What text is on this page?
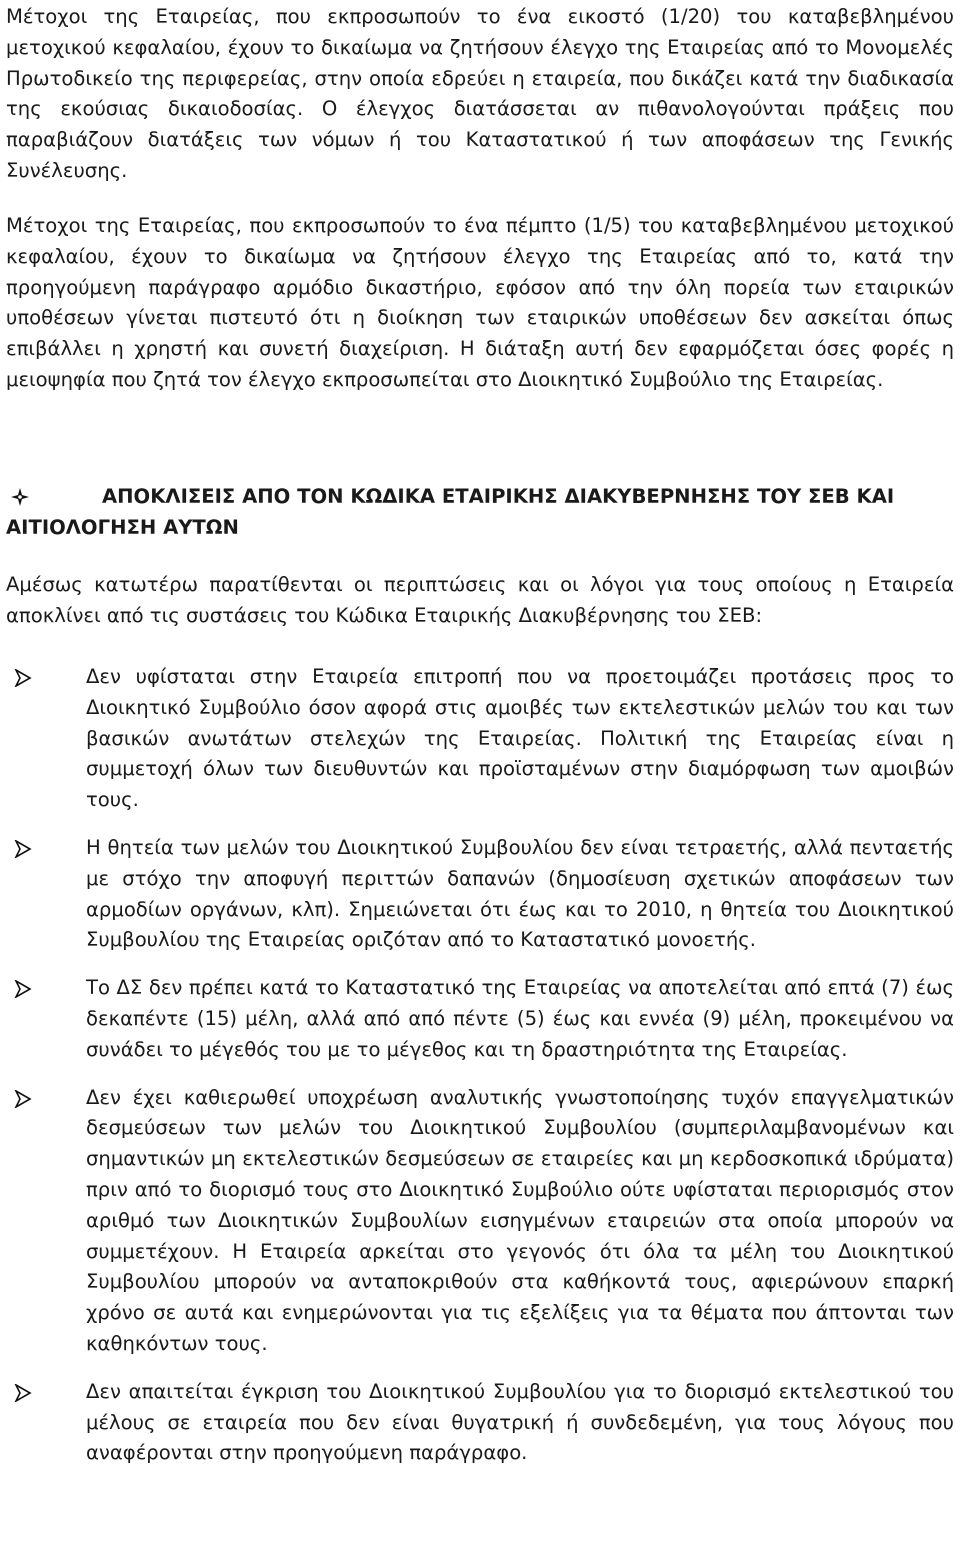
Μέτοχοι της Εταιρείας, που εκπροσωπούν το ένα εικοστό (1/20) του καταβεβλημένου μετοχικού κεφαλαίου, έχουν το δικαίωμα να ζητήσουν έλεγχο της Εταιρείας από το Μονομελές Πρωτοδικείο της περιφερείας, στην οποία εδρεύει η εταιρεία, που δικάζει κατά την διαδικασία της εκούσιας δικαιοδοσίας. Ο έλεγχος διατάσσεται αν πιθανολογούνται πράξεις που παραβιάζουν διατάξεις των νόμων ή του Καταστατικού ή των αποφάσεων της Γενικής Συνέλευσης.

Μέτοχοι της Εταιρείας, που εκπροσωπούν το ένα πέμπτο (1/5) του καταβεβλημένου μετοχικού κεφαλαίου, έχουν το δικαίωμα να ζητήσουν έλεγχο της Εταιρείας από το, κατά την προηγούμενη παράγραφο αρμόδιο δικαστήριο, εφόσον από την όλη πορεία των εταιρικών υποθέσεων γίνεται πιστευτό ότι η διοίκηση των εταιρικών υποθέσεων δεν ασκείται όπως επιβάλλει η χρηστή και συνετή διαχείριση. Η διάταξη αυτή δεν εφαρμόζεται όσες φορές η μειοψηφία που ζητά τον έλεγχο εκπροσωπείται στο Διοικητικό Συμβούλιο της Εταιρείας.

ΑΠΟΚΛΙΣΕΙΣ ΑΠΟ ΤΟΝ ΚΩΔΙΚΑ ΕΤΑΙΡΙΚΗΣ ΔΙΑΚΥΒΕΡΝΗΣΗΣ ΤΟΥ ΣΕΒ ΚΑΙ ΑΙΤΙΟΛΟΓΗΣΗ ΑΥΤΩΝ

Αμέσως κατωτέρω παρατίθενται οι περιπτώσεις και οι λόγοι για τους οποίους η Εταιρεία αποκλίνει από τις συστάσεις του Κώδικα Εταιρικής Διακυβέρνησης του ΣΕΒ:

Δεν υφίσταται στην Εταιρεία επιτροπή που να προετοιμάζει προτάσεις προς το Διοικητικό Συμβούλιο όσον αφορά στις αμοιβές των εκτελεστικών μελών του και των βασικών ανωτάτων στελεχών της Εταιρείας. Πολιτική της Εταιρείας είναι η συμμετοχή όλων των διευθυντών και προϊσταμένων στην διαμόρφωση των αμοιβών τους.

Η θητεία των μελών του Διοικητικού Συμβουλίου δεν είναι τετραετής, αλλά πενταετής με στόχο την αποφυγή περιττών δαπανών (δημοσίευση σχετικών αποφάσεων των αρμοδίων οργάνων, κλπ). Σημειώνεται ότι έως και το 2010, η θητεία του Διοικητικού Συμβουλίου της Εταιρείας οριζόταν από το Καταστατικό μονοετής.

Το ΔΣ δεν πρέπει κατά το Καταστατικό της Εταιρείας να αποτελείται από επτά (7) έως δεκαπέντε (15) μέλη, αλλά από από πέντε (5) έως και εννέα (9) μέλη, προκειμένου να συνάδει το μέγεθός του με το μέγεθος και τη δραστηριότητα της Εταιρείας.

Δεν έχει καθιερωθεί υποχρέωση αναλυτικής γνωστοποίησης τυχόν επαγγελματικών δεσμεύσεων των μελών του Διοικητικού Συμβουλίου (συμπεριλαμβανομένων και σημαντικών μη εκτελεστικών δεσμεύσεων σε εταιρείες και μη κερδοσκοπικά ιδρύματα) πριν από το διορισμό τους στο Διοικητικό Συμβούλιο ούτε υφίσταται περιορισμός στον αριθμό των Διοικητικών Συμβουλίων εισηγμένων εταιρειών στα οποία μπορούν να συμμετέχουν. Η Εταιρεία αρκείται στο γεγονός ότι όλα τα μέλη του Διοικητικού Συμβουλίου μπορούν να ανταποκριθούν στα καθήκοντά τους, αφιερώνουν επαρκή χρόνο σε αυτά και ενημερώνονται για τις εξελίξεις για τα θέματα που άπτονται των καθηκόντων τους.

Δεν απαιτείται έγκριση του Διοικητικού Συμβουλίου για το διορισμό εκτελεστικού του μέλους σε εταιρεία που δεν είναι θυγατρική ή συνδεδεμένη, για τους λόγους που αναφέρονται στην προηγούμενη παράγραφο.
